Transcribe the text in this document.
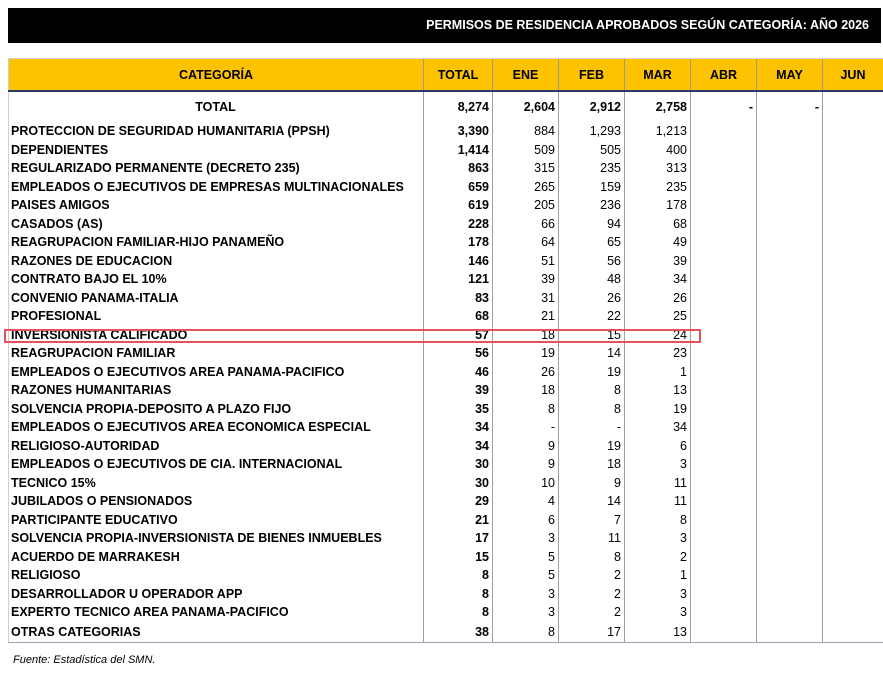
PERMISOS DE RESIDENCIA APROBADOS SEGÚN CATEGORÍA: AÑO 2026
CATEGORÍA	TOTAL	ENE	FEB	MAR	ABR	MAY	JUN
TOTAL	8,274	2,604	2,912	2,758	-	-	
PROTECCION DE SEGURIDAD HUMANITARIA (PPSH)	3,390	884	1,293	1,213			
DEPENDIENTES	1,414	509	505	400			
REGULARIZADO PERMANENTE (DECRETO 235)	863	315	235	313			
EMPLEADOS O EJECUTIVOS DE EMPRESAS MULTINACIONALES	659	265	159	235			
PAISES AMIGOS	619	205	236	178			
CASADOS (AS)	228	66	94	68			
REAGRUPACION FAMILIAR-HIJO PANAMEÑO	178	64	65	49			
RAZONES DE EDUCACION	146	51	56	39			
CONTRATO BAJO EL 10%	121	39	48	34			
CONVENIO PANAMA-ITALIA	83	31	26	26			
PROFESIONAL	68	21	22	25			
INVERSIONISTA CALIFICADO	57	18	15	24			
REAGRUPACION FAMILIAR	56	19	14	23			
EMPLEADOS O EJECUTIVOS AREA PANAMA-PACIFICO	46	26	19	1			
RAZONES HUMANITARIAS	39	18	8	13			
SOLVENCIA PROPIA-DEPOSITO A PLAZO FIJO	35	8	8	19			
EMPLEADOS O EJECUTIVOS AREA ECONOMICA ESPECIAL	34	-	-	34			
RELIGIOSO-AUTORIDAD	34	9	19	6			
EMPLEADOS O EJECUTIVOS DE CIA. INTERNACIONAL	30	9	18	3			
TECNICO 15%	30	10	9	11			
JUBILADOS O PENSIONADOS	29	4	14	11			
PARTICIPANTE EDUCATIVO	21	6	7	8			
SOLVENCIA PROPIA-INVERSIONISTA DE BIENES INMUEBLES	17	3	11	3			
ACUERDO DE MARRAKESH	15	5	8	2			
RELIGIOSO	8	5	2	1			
DESARROLLADOR U OPERADOR APP	8	3	2	3			
EXPERTO TECNICO AREA PANAMA-PACIFICO	8	3	2	3			
OTRAS CATEGORIAS	38	8	17	13			
Fuente: Estadística del SMN.
